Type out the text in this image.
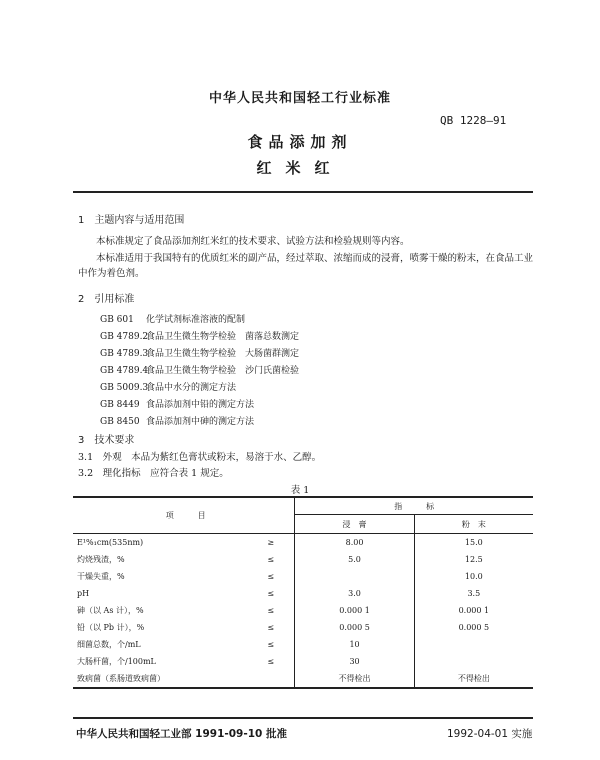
中华人民共和国轻工行业标准
QB 1228—91
食品添加剂
红米红
1　主题内容与适用范围
本标准规定了食品添加剂红米红的技术要求、试验方法和检验规则等内容。
本标准适用于我国特有的优质红米的副产品，经过萃取、浓缩而成的浸膏，喷雾干燥的粉末，在食品工业中作为着色剂。
2　引用标准
GB 601 化学试剂标准溶液的配制
GB 4789.2食品卫生微生物学检验　菌落总数测定
GB 4789.3食品卫生微生物学检验　大肠菌群测定
GB 4789.4食品卫生微生物学检验　沙门氏菌检验
GB 5009.3食品中水分的测定方法
GB 8449 食品添加剂中铅的测定方法
GB 8450 食品添加剂中砷的测定方法
3　技术要求
3.1　外观　本品为紫红色膏状或粉末，易溶于水、乙醇。
3.2　理化指标　应符合表 1 规定。
表 1
项　　　目		指　　　标	
		浸　膏	粉　末
E¹%₁cm(535nm)	≥	8.00	15.0
灼烧残渣，%	≤	5.0	12.5
干燥失重，%	≤		10.0
pH	≤	3.0	3.5
砷（以 As 计），%	≤	0.000 1	0.000 1
铅（以 Pb 计），%	≤	0.000 5	0.000 5
细菌总数，个/mL	≤	10	
大肠杆菌，个/100mL	≤	30	
致病菌（系肠道致病菌）		不得检出	不得检出
中华人民共和国轻工业部 1991-09-10 批准	1992-04-01 实施
